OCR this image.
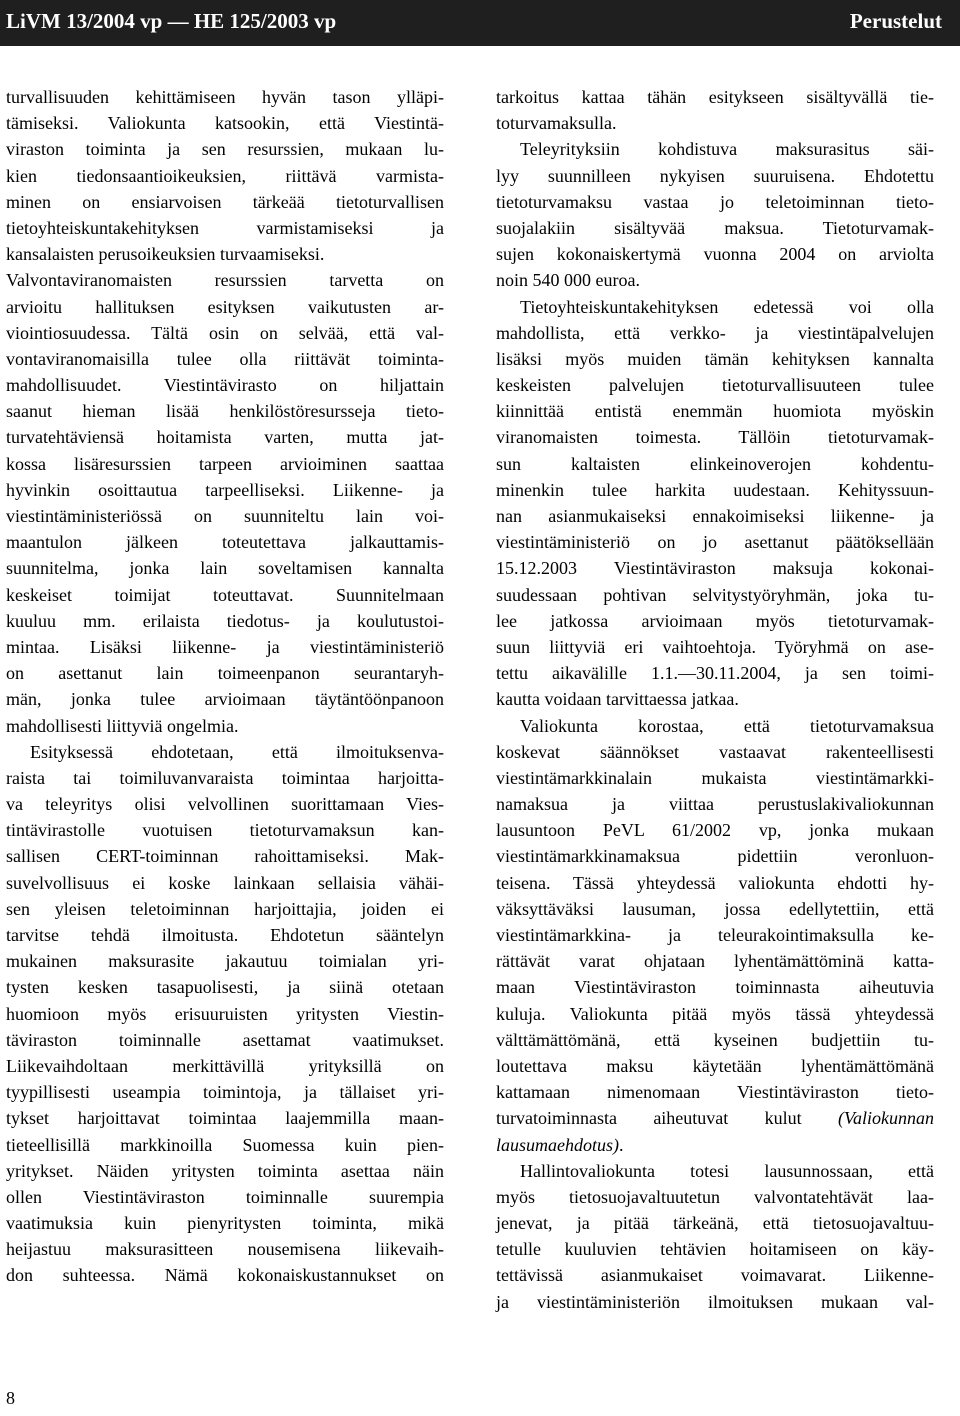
LiVM 13/2004 vp — HE 125/2003 vp	Perustelut
turvallisuuden kehittämiseen hyvän tason ylläpi-
tämiseksi. Valiokunta katsookin, että Viestintä-
viraston toiminta ja sen resurssien, mukaan lu-
kien tiedonsaantioikeuksien, riittävä varmista-
minen on ensiarvoisen tärkeää tietoturvallisen
tietoyhteiskuntakehityksen varmistamiseksi ja
kansalaisten perusoikeuksien turvaamiseksi.
Valvontaviranomaisten resurssien tarvetta on
arvioitu hallituksen esityksen vaikutusten ar-
viointiosuudessa. Tältä osin on selvää, että val-
vontaviranomaisilla tulee olla riittävät toiminta-
mahdollisuudet. Viestintävirasto on hiljattain
saanut hieman lisää henkilöstöresursseja tieto-
turvatehtäviensä hoitamista varten, mutta jat-
kossa lisäresurssien tarpeen arvioiminen saattaa
hyvinkin osoittautua tarpeelliseksi. Liikenne- ja
viestintäministeriössä on suunniteltu lain voi-
maantulon jälkeen toteutettava jalkauttamis-
suunnitelma, jonka lain soveltamisen kannalta
keskeiset toimijat toteuttavat. Suunnitelmaan
kuuluu mm. erilaista tiedotus- ja koulutustoi-
mintaa. Lisäksi liikenne- ja viestintäministeriö
on asettanut lain toimeenpanon seurantaryh-
män, jonka tulee arvioimaan täytäntöönpanoon
mahdollisesti liittyviä ongelmia.
Esityksessä ehdotetaan, että ilmoituksenva-
raista tai toimiluvanvaraista toimintaa harjoitta-
va teleyritys olisi velvollinen suorittamaan Vies-
tintävirastolle vuotuisen tietoturvamaksun kan-
sallisen CERT-toiminnan rahoittamiseksi. Mak-
suvelvollisuus ei koske lainkaan sellaisia vähäi-
sen yleisen teletoiminnan harjoittajia, joiden ei
tarvitse tehdä ilmoitusta. Ehdotetun sääntelyn
mukainen maksurasite jakautuu toimialan yri-
tysten kesken tasapuolisesti, ja siinä otetaan
huomioon myös erisuuruisten yritysten Viestin-
täviraston toiminnalle asettamat vaatimukset.
Liikevaihdoltaan merkittävillä yrityksillä on
tyypillisesti useampia toimintoja, ja tällaiset yri-
tykset harjoittavat toimintaa laajemmilla maan-
tieteellisillä markkinoilla Suomessa kuin pien-
yritykset. Näiden yritysten toiminta asettaa näin
ollen Viestintäviraston toiminnalle suurempia
vaatimuksia kuin pienyritysten toiminta, mikä
heijastuu maksurasitteen nousemisena liikevaih-
don suhteessa. Nämä kokonaiskustannukset on
tarkoitus kattaa tähän esitykseen sisältyvällä tie-
toturvamaksulla.
Teleyrityksiin kohdistuva maksurasitus säi-
lyy suunnilleen nykyisen suuruisena. Ehdotettu
tietoturvamaksu vastaa jo teletoiminnan tieto-
suojalakiin sisältyvää maksua. Tietoturvamak-
sujen kokonaiskertymä vuonna 2004 on arviolta
noin 540 000 euroa.
Tietoyhteiskuntakehityksen edetessä voi olla
mahdollista, että verkko- ja viestintäpalvelujen
lisäksi myös muiden tämän kehityksen kannalta
keskeisten palvelujen tietoturvallisuuteen tulee
kiinnittää entistä enemmän huomiota myöskin
viranomaisten toimesta. Tällöin tietoturvamak-
sun kaltaisten elinkeinoverojen kohdentu-
minenkin tulee harkita uudestaan. Kehityssuun-
nan asianmukaiseksi ennakoimiseksi liikenne- ja
viestintäministeriö on jo asettanut päätöksellään
15.12.2003 Viestintäviraston maksuja kokonai-
suudessaan pohtivan selvitystyöryhmän, joka tu-
lee jatkossa arvioimaan myös tietoturvamak-
suun liittyviä eri vaihtoehtoja. Työryhmä on ase-
tettu aikavälille 1.1.—30.11.2004, ja sen toimi-
kautta voidaan tarvittaessa jatkaa.
Valiokunta korostaa, että tietoturvamaksua
koskevat säännökset vastaavat rakenteellisesti
viestintämarkkinalain mukaista viestintämarkki-
namaksua ja viittaa perustuslakivaliokunnan
lausuntoon PeVL 61/2002 vp, jonka mukaan
viestintämarkkinamaksua pidettiin veronluon-
teisena. Tässä yhteydessä valiokunta ehdotti hy-
väksyttäväksi lausuman, jossa edellytettiin, että
viestintämarkkina- ja teleurakointimaksulla ke-
rättävät varat ohjataan lyhentämättöminä katta-
maan Viestintäviraston toiminnasta aiheutuvia
kuluja. Valiokunta pitää myös tässä yhteydessä
välttämättömänä, että kyseinen budjettiin tu-
loutettava maksu käytetään lyhentämättömänä
kattamaan nimenomaan Viestintäviraston tieto-
turvatoiminnasta aiheutuvat kulut (Valiokunnan
lausumaehdotus).
Hallintovaliokunta totesi lausunnossaan, että
myös tietosuojavaltuutetun valvontatehtävät laa-
jenevat, ja pitää tärkeänä, että tietosuojavaltuu-
tetulle kuuluvien tehtävien hoitamiseen on käy-
tettävissä asianmukaiset voimavarat. Liikenne-
ja viestintäministeriön ilmoituksen mukaan val-
8
